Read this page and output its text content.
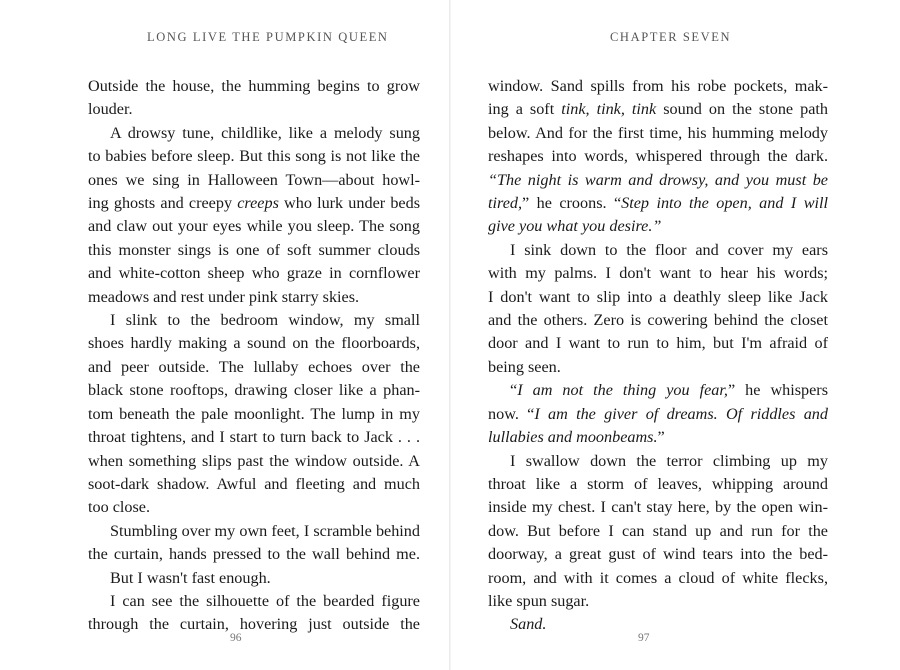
LONG LIVE THE PUMPKIN QUEEN
Outside the house, the humming begins to grow
louder.
A drowsy tune, childlike, like a melody sung
to babies before sleep. But this song is not like the
ones we sing in Halloween Town—about howl-
ing ghosts and creepy creeps who lurk under beds
and claw out your eyes while you sleep. The song
this monster sings is one of soft summer clouds
and white-cotton sheep who graze in cornflower
meadows and rest under pink starry skies.
I slink to the bedroom window, my small
shoes hardly making a sound on the floorboards,
and peer outside. The lullaby echoes over the
black stone rooftops, drawing closer like a phan-
tom beneath the pale moonlight. The lump in my
throat tightens, and I start to turn back to Jack . . .
when something slips past the window outside. A
soot-dark shadow. Awful and fleeting and much
too close.
Stumbling over my own feet, I scramble behind
the curtain, hands pressed to the wall behind me.
But I wasn't fast enough.
I can see the silhouette of the bearded figure
through the curtain, hovering just outside the
96
CHAPTER SEVEN
window. Sand spills from his robe pockets, mak-
ing a soft tink, tink, tink sound on the stone path
below. And for the first time, his humming melody
reshapes into words, whispered through the dark.
“The night is warm and drowsy, and you must be
tired,” he croons. “Step into the open, and I will
give you what you desire.”
I sink down to the floor and cover my ears
with my palms. I don't want to hear his words;
I don't want to slip into a deathly sleep like Jack
and the others. Zero is cowering behind the closet
door and I want to run to him, but I'm afraid of
being seen.
“I am not the thing you fear,” he whispers
now. “I am the giver of dreams. Of riddles and
lullabies and moonbeams.”
I swallow down the terror climbing up my
throat like a storm of leaves, whipping around
inside my chest. I can't stay here, by the open win-
dow. But before I can stand up and run for the
doorway, a great gust of wind tears into the bed-
room, and with it comes a cloud of white flecks,
like spun sugar.
Sand.
97
